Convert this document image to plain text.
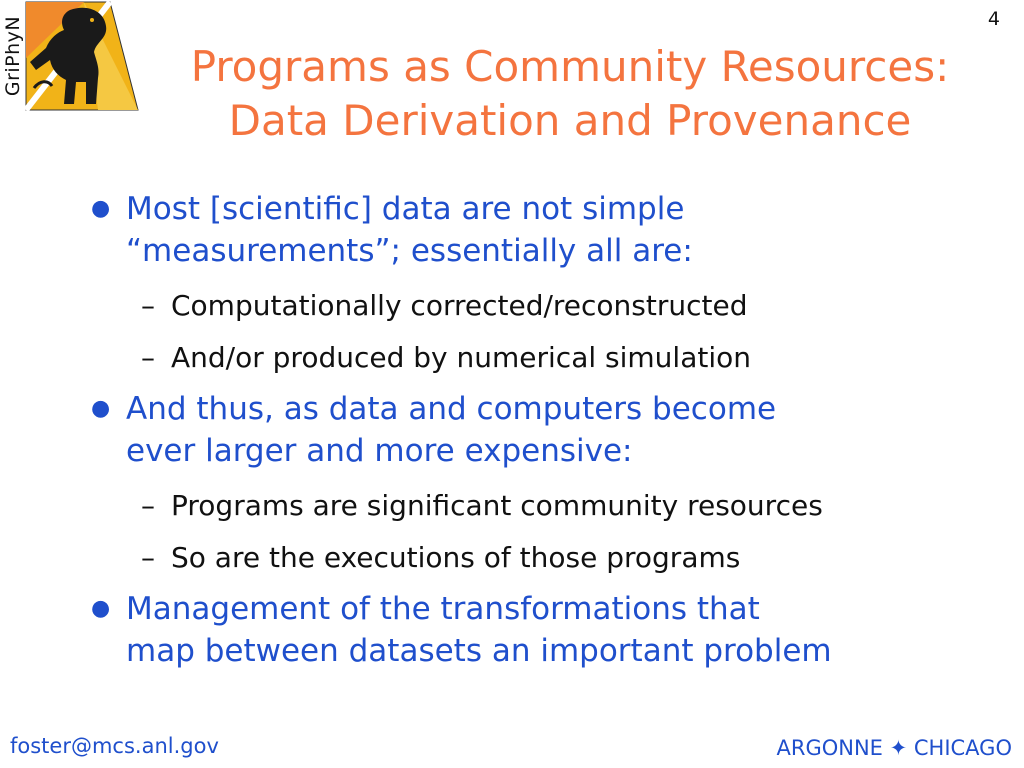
GriPhyN	4
Programs as Community Resources:
Data Derivation and Provenance
● Most [scientific] data are not simple
“measurements”; essentially all are:
– Computationally corrected/reconstructed
– And/or produced by numerical simulation
● And thus, as data and computers become
ever larger and more expensive:
– Programs are significant community resources
– So are the executions of those programs
● Management of the transformations that
map between datasets an important problem
foster@mcs.anl.gov	ARGONNE ✦ CHICAGO
